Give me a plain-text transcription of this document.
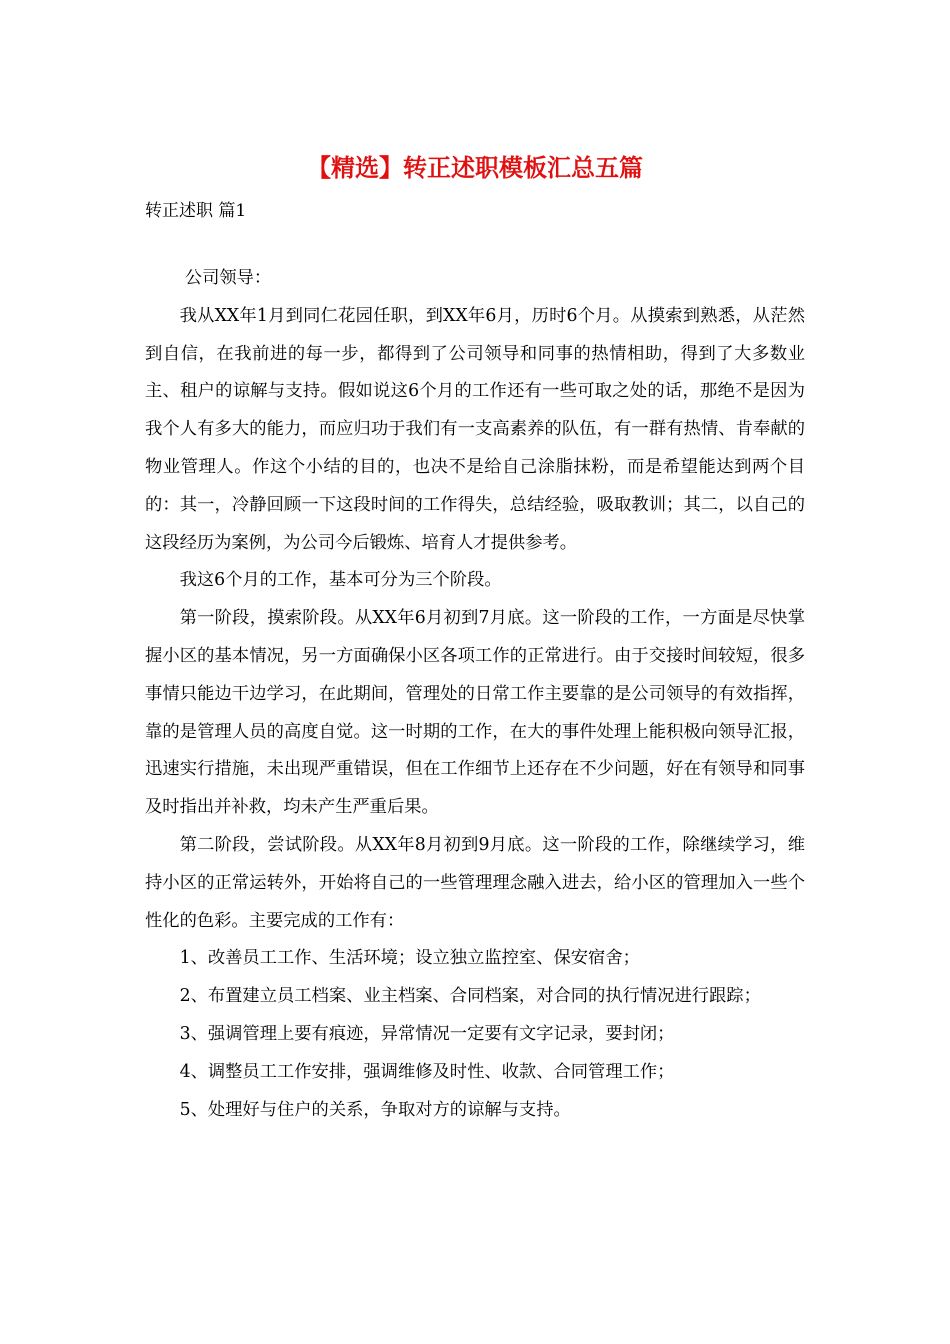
【精选】转正述职模板汇总五篇
转正述职 篇1

公司领导：

我从XX年1月到同仁花园任职，到XX年6月，历时6个月。从摸索到熟悉，从茫然到自信，在我前进的每一步，都得到了公司领导和同事的热情相助，得到了大多数业主、租户的谅解与支持。假如说这6个月的工作还有一些可取之处的话，那绝不是因为我个人有多大的能力，而应归功于我们有一支高素养的队伍，有一群有热情、肯奉献的物业管理人。作这个小结的目的，也决不是给自己涂脂抹粉，而是希望能达到两个目的：其一，冷静回顾一下这段时间的工作得失，总结经验，吸取教训；其二，以自己的这段经历为案例，为公司今后锻炼、培育人才提供参考。

我这6个月的工作，基本可分为三个阶段。

第一阶段，摸索阶段。从XX年6月初到7月底。这一阶段的工作，一方面是尽快掌握小区的基本情况，另一方面确保小区各项工作的正常进行。由于交接时间较短，很多事情只能边干边学习，在此期间，管理处的日常工作主要靠的是公司领导的有效指挥，靠的是管理人员的高度自觉。这一时期的工作，在大的事件处理上能积极向领导汇报，迅速实行措施，未出现严重错误，但在工作细节上还存在不少问题，好在有领导和同事及时指出并补救，均未产生严重后果。

第二阶段，尝试阶段。从XX年8月初到9月底。这一阶段的工作，除继续学习，维持小区的正常运转外，开始将自己的一些管理理念融入进去，给小区的管理加入一些个性化的色彩。主要完成的工作有：

1、改善员工工作、生活环境；设立独立监控室、保安宿舍；

2、布置建立员工档案、业主档案、合同档案，对合同的执行情况进行跟踪；

3、强调管理上要有痕迹，异常情况一定要有文字记录，要封闭；

4、调整员工工作安排，强调维修及时性、收款、合同管理工作；

5、处理好与住户的关系，争取对方的谅解与支持。
